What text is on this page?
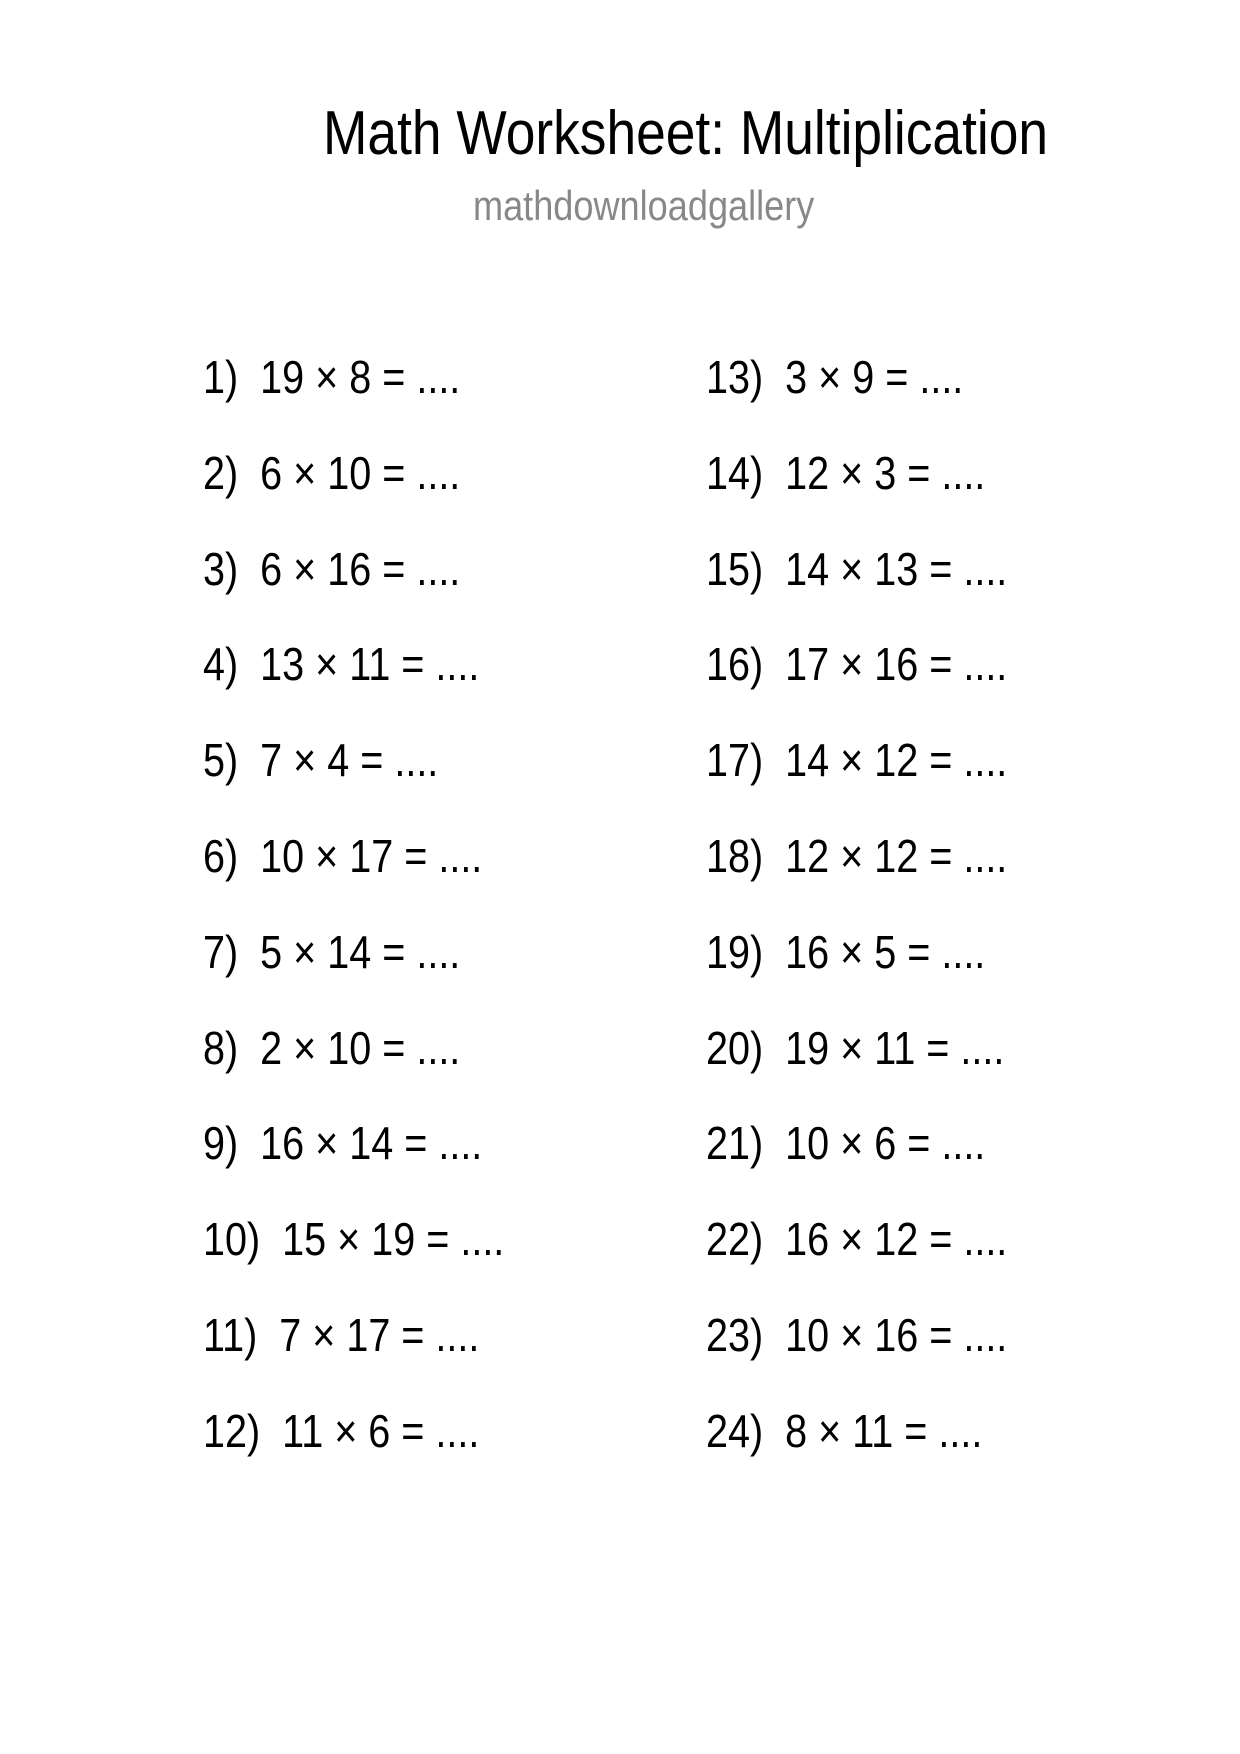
Math Worksheet: Multiplication
mathdownloadgallery
1) 19 × 8 = ....
2) 6 × 10 = ....
3) 6 × 16 = ....
4) 13 × 11 = ....
5) 7 × 4 = ....
6) 10 × 17 = ....
7) 5 × 14 = ....
8) 2 × 10 = ....
9) 16 × 14 = ....
10) 15 × 19 = ....
11) 7 × 17 = ....
12) 11 × 6 = ....
13) 3 × 9 = ....
14) 12 × 3 = ....
15) 14 × 13 = ....
16) 17 × 16 = ....
17) 14 × 12 = ....
18) 12 × 12 = ....
19) 16 × 5 = ....
20) 19 × 11 = ....
21) 10 × 6 = ....
22) 16 × 12 = ....
23) 10 × 16 = ....
24) 8 × 11 = ....
